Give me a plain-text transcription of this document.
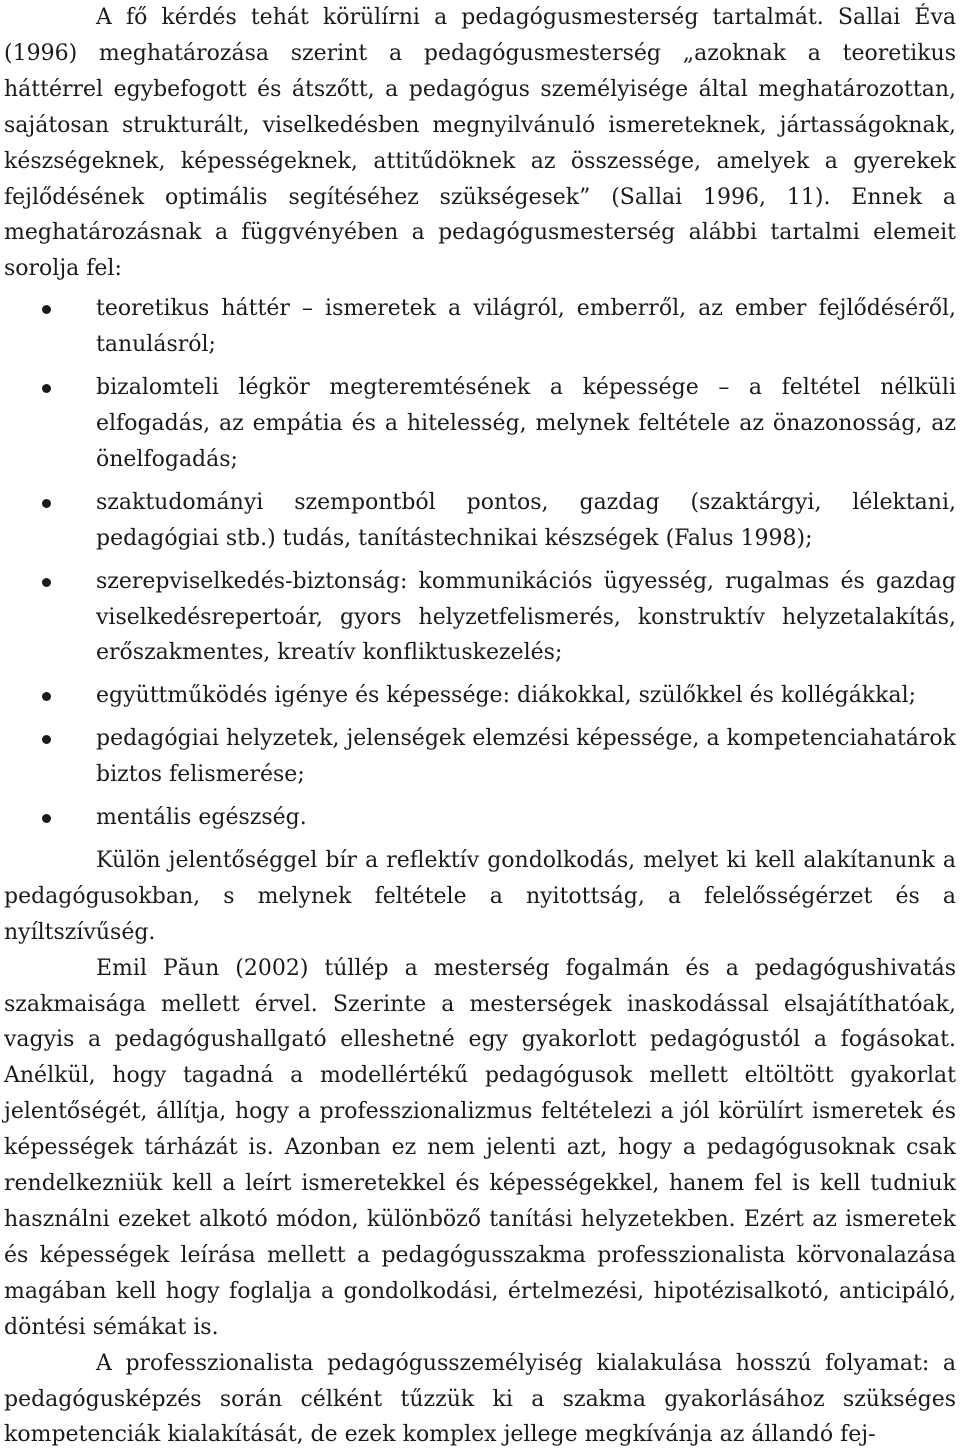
A fő kérdés tehát körülírni a pedagógusmesterség tartalmát. Sallai Éva (1996) meghatározása szerint a pedagógusmesterség „azoknak a teoretikus háttérrel egybefogott és átszőtt, a pedagógus személyisége által meghatározottan, sajátosan strukturált, viselkedésben megnyilvánuló ismereteknek, jártasságoknak, készségeknek, képességeknek, attitűdöknek az összessége, amelyek a gyerekek fejlődésének optimális segítéséhez szükségesek” (Sallai 1996, 11). Ennek a meghatározásnak a függvényében a pedagógusmesterség alábbi tartalmi elemeit sorolja fel:

teoretikus háttér – ismeretek a világról, emberről, az ember fejlődéséről, tanulásról;
bizalomteli légkör megteremtésének a képessége – a feltétel nélküli elfogadás, az empátia és a hitelesség, melynek feltétele az önazonosság, az önelfogadás;
szaktudományi szempontból pontos, gazdag (szaktárgyi, lélektani, pedagógiai stb.) tudás, tanítástechnikai készségek (Falus 1998);
szerepviselkedés-biztonság: kommunikációs ügyesség, rugalmas és gazdag viselkedésrepertoár, gyors helyzetfelismerés, konstruktív helyzetalakítás, erőszakmentes, kreatív konfliktuskezelés;
együttműködés igénye és képessége: diákokkal, szülőkkel és kollégákkal;
pedagógiai helyzetek, jelenségek elemzési képessége, a kompetenciahatárok biztos felismerése;
mentális egészség.

Külön jelentőséggel bír a reflektív gondolkodás, melyet ki kell alakítanunk a pedagógusokban, s melynek feltétele a nyitottság, a felelősségérzet és a nyíltszívűség.

Emil Păun (2002) túllép a mesterség fogalmán és a pedagógushivatás szakmaisága mellett érvel. Szerinte a mesterségek inaskodással elsajátíthatóak, vagyis a pedagógushallgató elleshetné egy gyakorlott pedagógustól a fogásokat. Anélkül, hogy tagadná a modellértékű pedagógusok mellett eltöltött gyakorlat jelentőségét, állítja, hogy a professzionalizmus feltételezi a jól körülírt ismeretek és képességek tárházát is. Azonban ez nem jelenti azt, hogy a pedagógusoknak csak rendelkezniük kell a leírt ismeretekkel és képességekkel, hanem fel is kell tudniuk használni ezeket alkotó módon, különböző tanítási helyzetekben. Ezért az ismeretek és képességek leírása mellett a pedagógusszakma professzionalista körvonalazása magában kell hogy foglalja a gondolkodási, értelmezési, hipotézisalkotó, anticipáló, döntési sémákat is.

A professzionalista pedagógusszemélyiség kialakulása hosszú folyamat: a pedagógusképzés során célként tűzzük ki a szakma gyakorlásához szükséges kompetenciák kialakítását, de ezek komplex jellege megkívánja az állandó fej-
